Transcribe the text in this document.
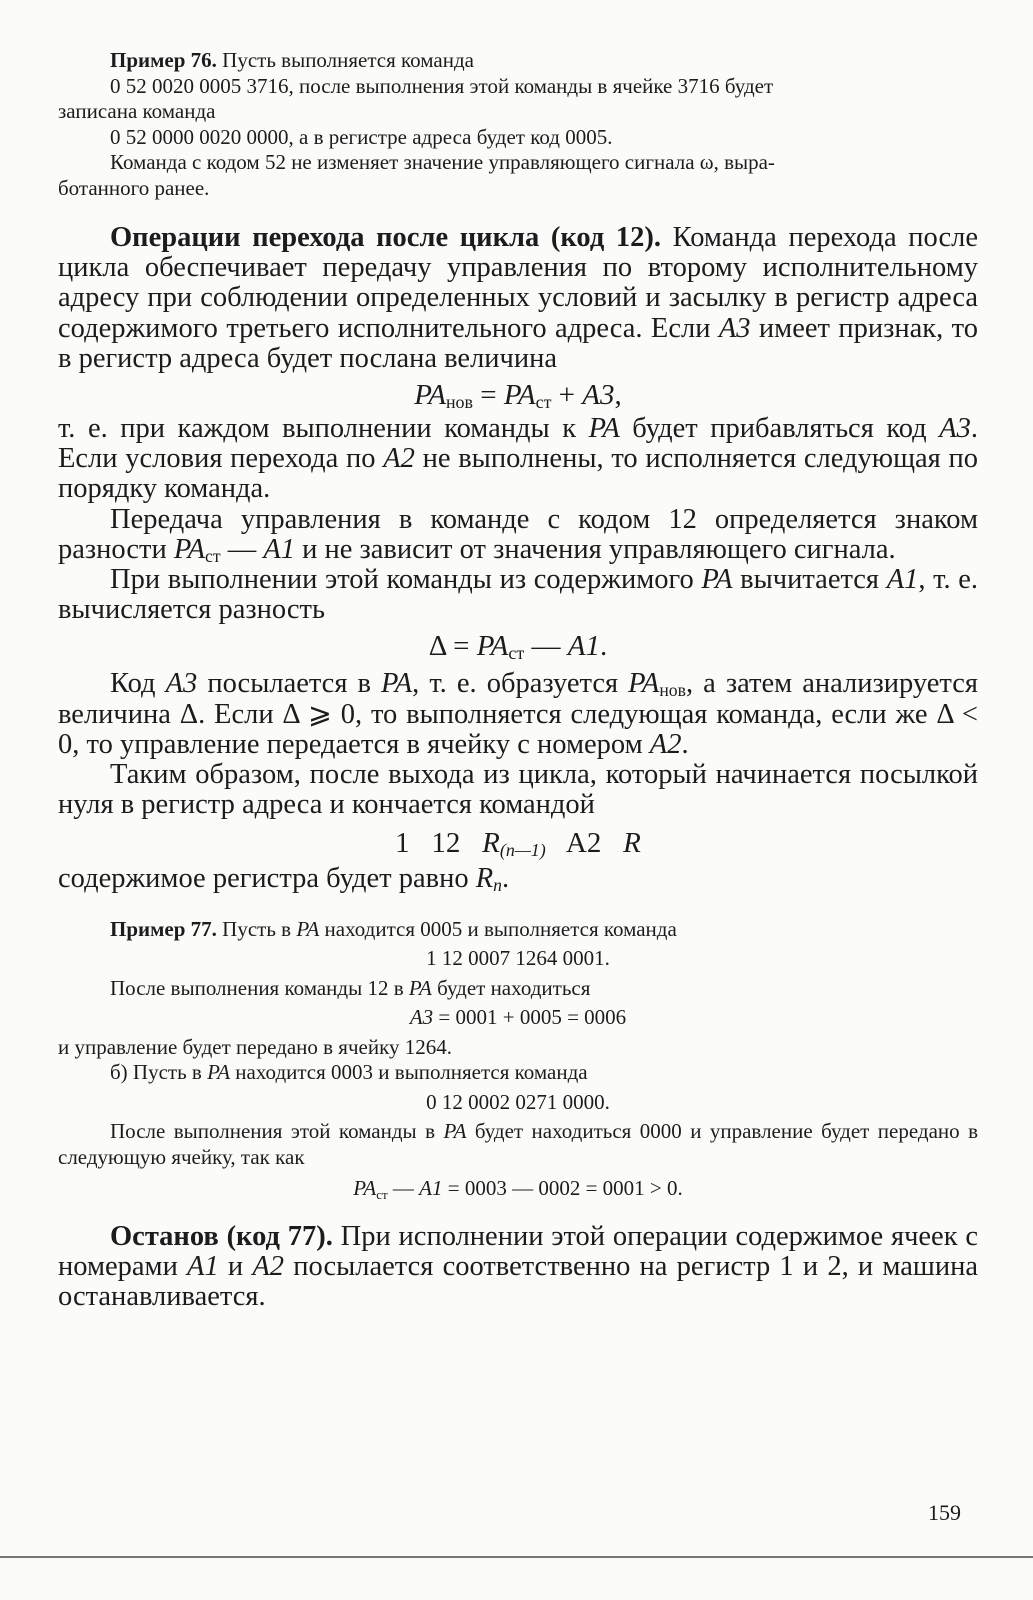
Пример 76. Пусть выполняется команда

0 52 0020 0005 3716, после выполнения этой команды в ячейке 3716 будет

записана команда

0 52 0000 0020 0000, а в регистре адреса будет код 0005.

Команда с кодом 52 не изменяет значение управляющего сигнала ω, выра-

ботанного ранее.

Операции перехода после цикла (код 12). Команда перехода после цикла обеспечивает передачу управления по второму исполнительному адресу при соблюдении определенных условий и засылку в регистр адреса содержимого третьего исполнительного адреса. Если A3 имеет признак, то в регистр адреса будет послана величина

$PA_{нов} = PA_{ст} + A3$,

т. е. при каждом выполнении команды к PA будет прибавляться код A3. Если условия перехода по A2 не выполнены, то исполняется следующая по порядку команда.

Передача управления в команде с кодом 12 определяется знаком разности $PA_{ст}$ — A1 и не зависит от значения управляющего сигнала.

При выполнении этой команды из содержимого PA вычитается A1, т. е. вычисляется разность

$\Delta = PA_{ст}$ — A1.

Код A3 посылается в PA, т. е. образуется $PA_{нов}$, а затем анализируется величина Δ. Если Δ ⩾ 0, то выполняется следующая команда, если же Δ < 0, то управление передается в ячейку с номером A2.

Таким образом, после выхода из цикла, который начинается посылкой нуля в регистр адреса и кончается командой

1   12   $R_{(n—1)}$   A2   R

содержимое регистра будет равно $R_n$.

Пример 77. Пусть в PA находится 0005 и выполняется команда

1 12 0007 1264 0001.

После выполнения команды 12 в PA будет находиться

A3 = 0001 + 0005 = 0006

и управление будет передано в ячейку 1264.

б) Пусть в PA находится 0003 и выполняется команда

0 12 0002 0271 0000.

После выполнения этой команды в PA будет находиться 0000 и управление будет передано в следующую ячейку, так как

$PA_{ст}$ — A1 = 0003 — 0002 = 0001 > 0.

Останов (код 77). При исполнении этой операции содержимое ячеек с номерами A1 и A2 посылается соответственно на регистр 1 и 2, и машина останавливается.

159
